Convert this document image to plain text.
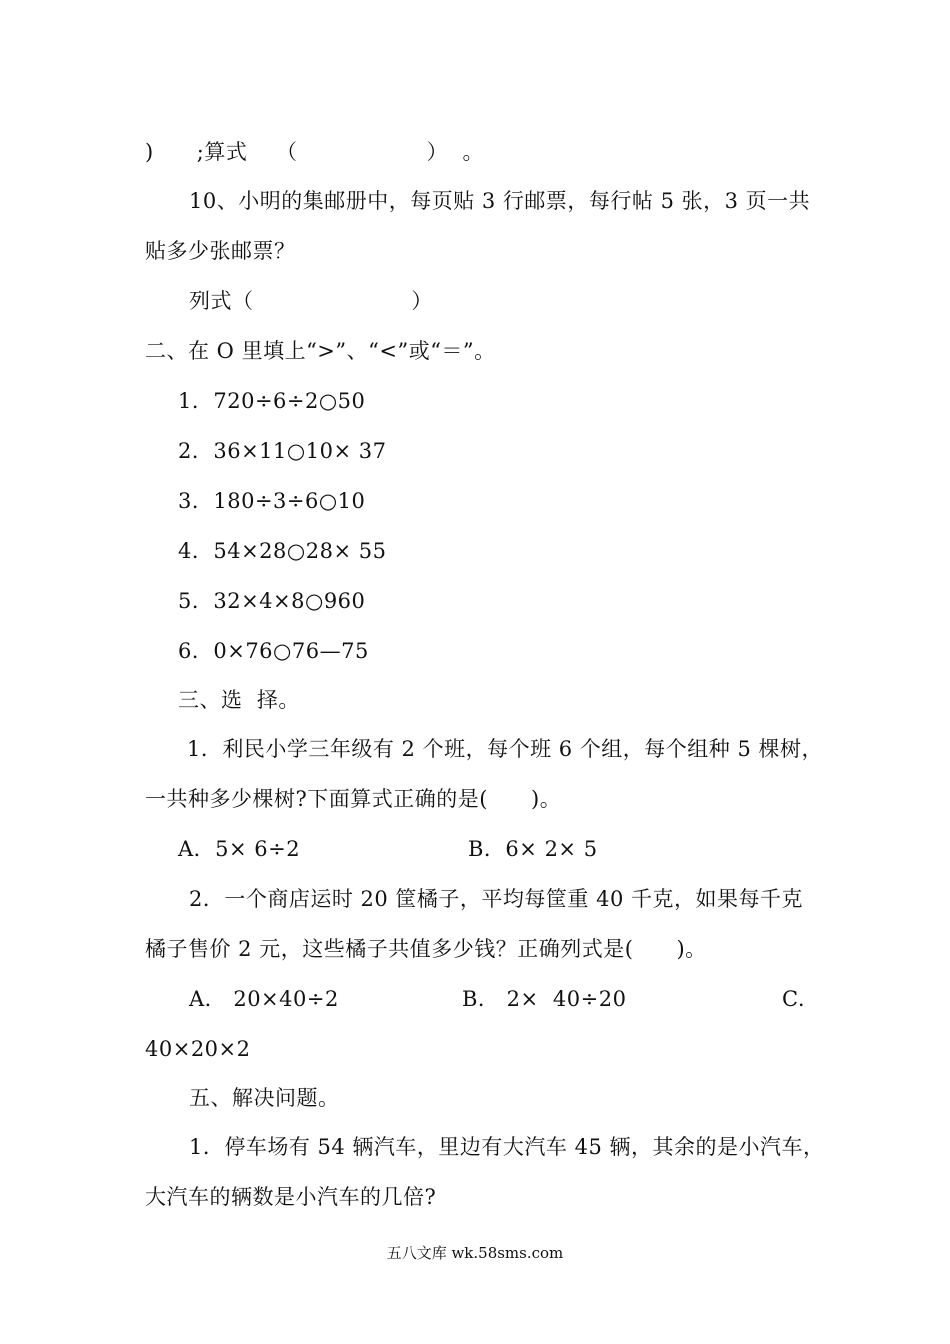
)      ;算式    （                  ）  。
10、小明的集邮册中，每页贴 3 行邮票，每行帖 5 张，3 页一共
贴多少张邮票？
列式（                      ）
二、在 O 里填上“>”、“<”或“＝”。
1．720÷6÷2○50
2．36×11○10× 37
3．180÷3÷6○10
4．54×28○28× 55
5．32×4×8○960
6．0×76○76—75
三、选  择。
1．利民小学三年级有 2 个班，每个班 6 个组，每个组种 5 棵树，
一共种多少棵树?下面算式正确的是(      )。
A．5× 6÷2	B．6× 2× 5
2．一个商店运时 20 筐橘子，平均每筐重 40 千克，如果每千克
橘子售价 2 元，这些橘子共值多少钱？正确列式是(      )。
A． 20×40÷2	B． 2×  40÷20	C.
40×20×2
五、解决问题。
1．停车场有 54 辆汽车，里边有大汽车 45 辆，其余的是小汽车，
大汽车的辆数是小汽车的几倍?
五八文库 wk.58sms.com
